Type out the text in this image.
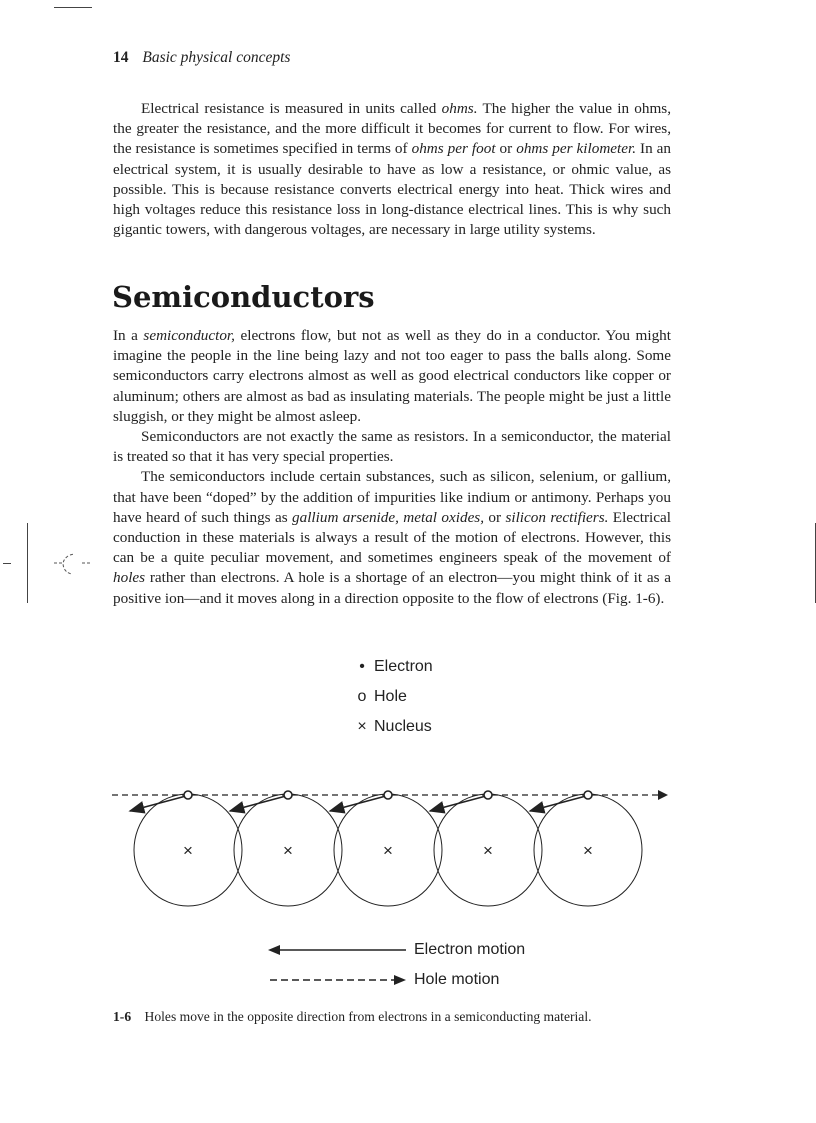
14 Basic physical concepts

Electrical resistance is measured in units called ohms. The higher the value in ohms, the greater the resistance, and the more difficult it becomes for current to flow. For wires, the resistance is sometimes specified in terms of ohms per foot or ohms per kilometer. In an electrical system, it is usually desirable to have as low a resistance, or ohmic value, as possible. This is because resistance converts electrical energy into heat. Thick wires and high voltages reduce this resistance loss in long-distance electrical lines. This is why such gigantic towers, with dangerous voltages, are necessary in large utility systems.

Semiconductors

In a semiconductor, electrons flow, but not as well as they do in a conductor. You might imagine the people in the line being lazy and not too eager to pass the balls along. Some semiconductors carry electrons almost as well as good electrical conductors like copper or aluminum; others are almost as bad as insulating materials. The people might be just a little sluggish, or they might be almost asleep.

Semiconductors are not exactly the same as resistors. In a semiconductor, the material is treated so that it has very special properties.

The semiconductors include certain substances, such as silicon, selenium, or gallium, that have been “doped” by the addition of impurities like indium or antimony. Perhaps you have heard of such things as gallium arsenide, metal oxides, or silicon rectifiers. Electrical conduction in these materials is always a result of the motion of electrons. However, this can be a quite peculiar movement, and sometimes engineers speak of the movement of holes rather than electrons. A hole is a shortage of an electron—you might think of it as a positive ion—and it moves along in a direction opposite to the flow of electrons (Fig. 1-6).

• Electron
o Hole
× Nucleus
×	×	×	×	×
Electron motion
Hole motion
1-6 Holes move in the opposite direction from electrons in a semiconducting material.
